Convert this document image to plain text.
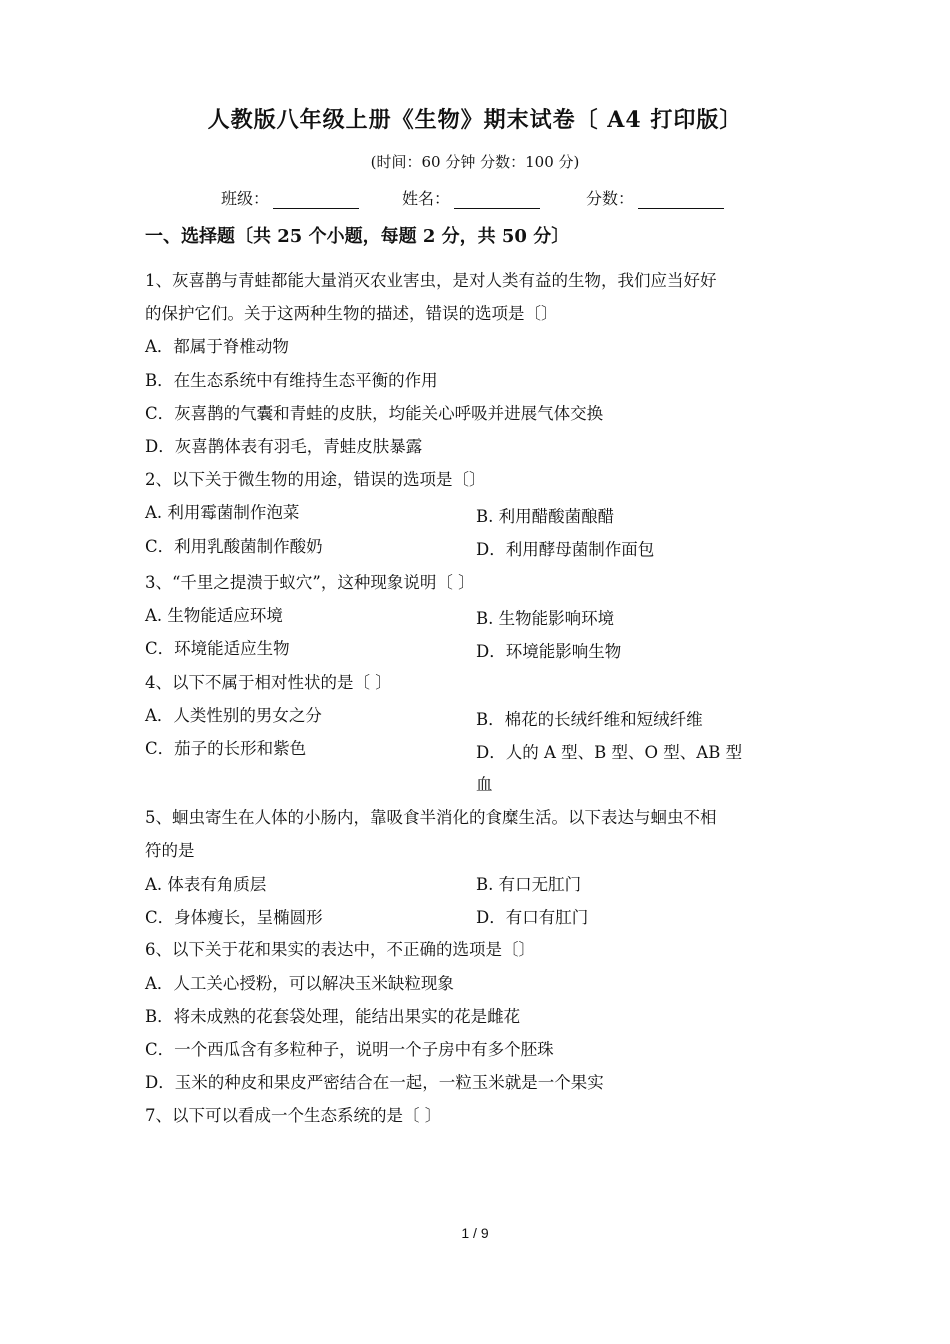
人教版八年级上册《生物》期末试卷〔 A4 打印版〕
(时间：60 分钟 分数：100 分)
班级：	姓名：	分数：
一、选择题〔共 25 个小题，每题 2 分，共 50 分〕
1、灰喜鹊与青蛙都能大量消灭农业害虫，是对人类有益的生物，我们应当好好
的保护它们。关于这两种生物的描述，错误的选项是〔〕
A．都属于脊椎动物
B．在生态系统中有维持生态平衡的作用
C．灰喜鹊的气囊和青蛙的皮肤，均能关心呼吸并进展气体交换
D．灰喜鹊体表有羽毛，青蛙皮肤暴露
2、以下关于微生物的用途，错误的选项是〔〕
A. 利用霉菌制作泡菜	B. 利用醋酸菌酿醋
C．利用乳酸菌制作酸奶	D．利用酵母菌制作面包
3、“千里之提溃于蚁穴”，这种现象说明〔 〕
A. 生物能适应环境	B. 生物能影响环境
C．环境能适应生物	D．环境能影响生物
4、以下不属于相对性状的是〔 〕
A．人类性别的男女之分	B．棉花的长绒纤维和短绒纤维
C．茄子的长形和紫色	D．人的 A 型、B 型、O 型、AB 型
血
5、蛔虫寄生在人体的小肠内，靠吸食半消化的食糜生活。以下表达与蛔虫不相
符的是
A. 体表有角质层	B. 有口无肛门
C．身体瘦长，呈椭圆形	D．有口有肛门
6、以下关于花和果实的表达中，不正确的选项是〔〕
A．人工关心授粉，可以解决玉米缺粒现象
B．将未成熟的花套袋处理，能结出果实的花是雌花
C．一个西瓜含有多粒种子，说明一个子房中有多个胚珠
D．玉米的种皮和果皮严密结合在一起，一粒玉米就是一个果实
7、以下可以看成一个生态系统的是〔 〕
1 / 9
